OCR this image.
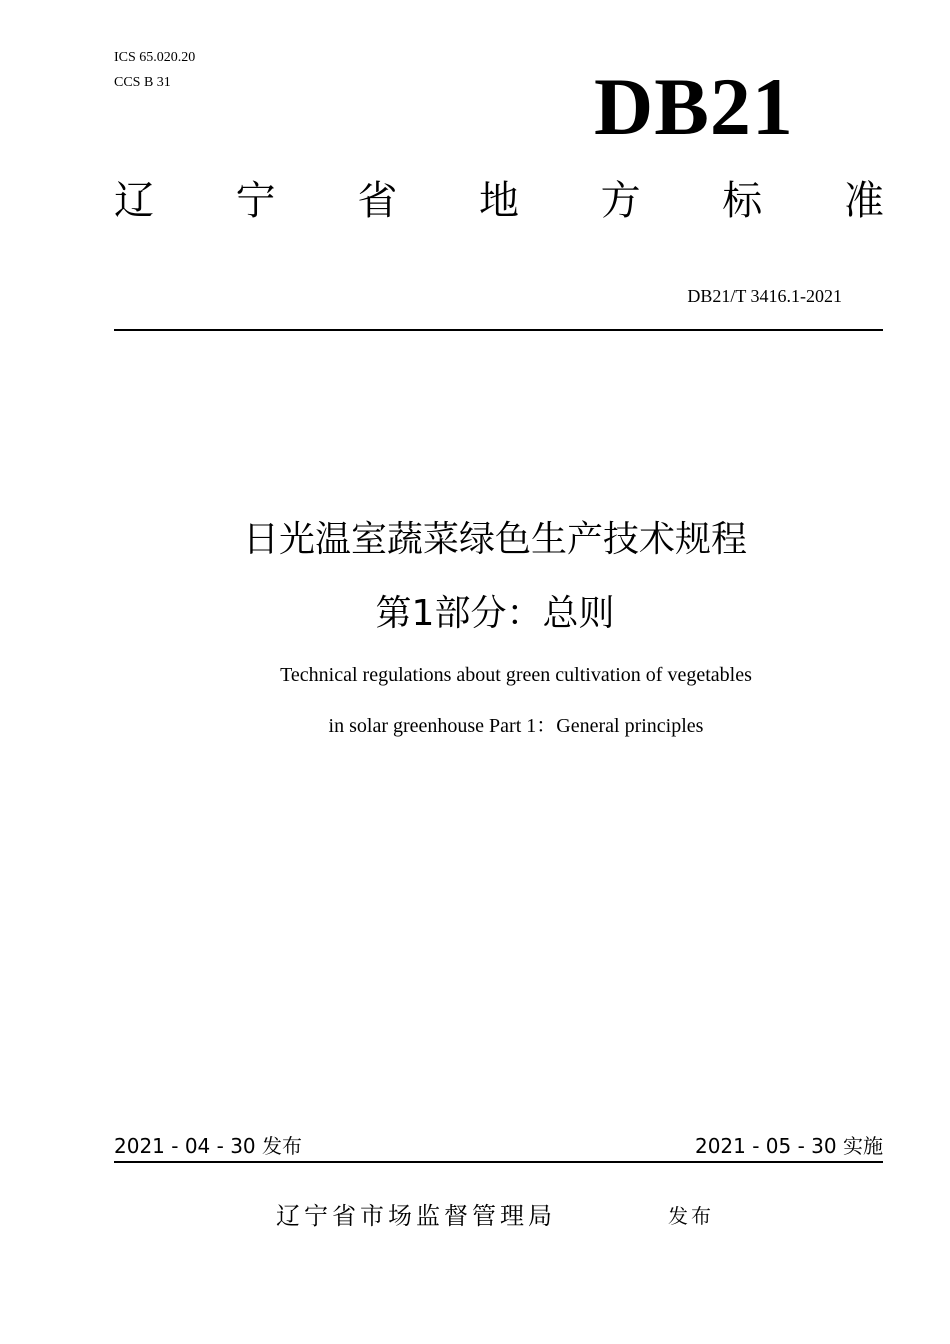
ICS 65.020.20
CCS B 31	DB21
辽 宁 省 地 方 标 准
DB21/T 3416.1-2021
日光温室蔬菜绿色生产技术规程
第1部分：总则
Technical regulations about green cultivation of vegetables
in solar greenhouse Part 1：General principles
2021 - 04 - 30 发布	2021 - 05 - 30 实施
辽宁省市场监督管理局	发布
